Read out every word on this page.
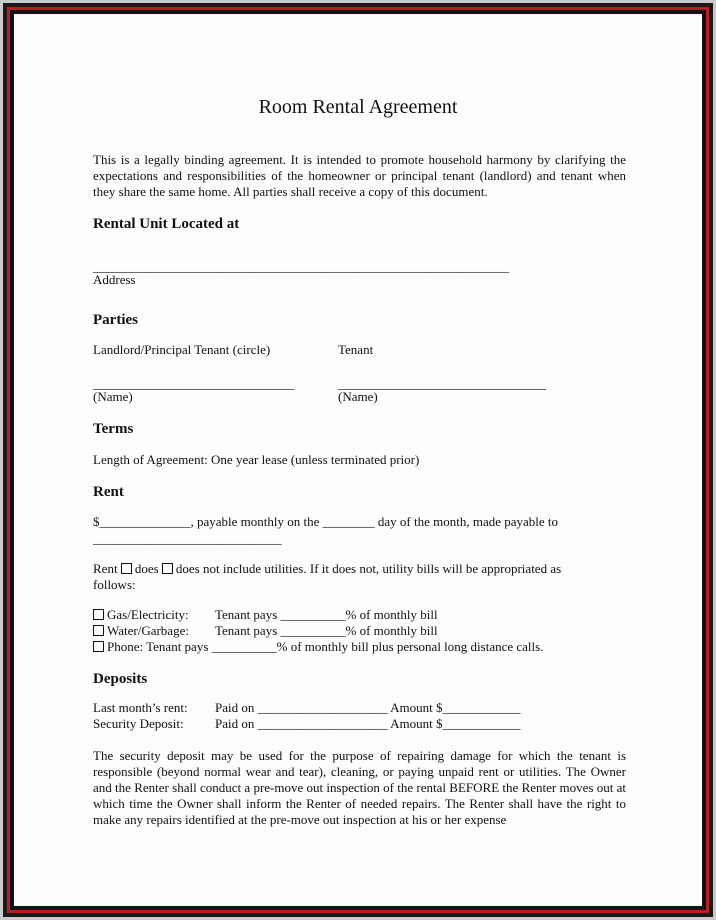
Room Rental Agreement
This is a legally binding agreement. It is intended to promote household harmony by clarifying the expectations and responsibilities of the homeowner or principal tenant (landlord) and tenant when they share the same home. All parties shall receive a copy of this document.
Rental Unit Located at
________________________________________________________________
Address
Parties
Landlord/Principal Tenant (circle)	Tenant
_______________________________	________________________________
(Name)	(Name)
Terms
Length of Agreement: One year lease (unless terminated prior)
Rent
$______________, payable monthly on the ________ day of the month, made payable to
_____________________________
Rent does does not include utilities. If it does not, utility bills will be appropriated as
follows:
Gas/Electricity: Tenant pays __________% of monthly bill
Water/Garbage: Tenant pays __________% of monthly bill
Phone: Tenant pays __________% of monthly bill plus personal long distance calls.
Deposits
Last month’s rent: Paid on ____________________ Amount $____________
Security Deposit: Paid on ____________________ Amount $____________
The security deposit may be used for the purpose of repairing damage for which the tenant is responsible (beyond normal wear and tear), cleaning, or paying unpaid rent or utilities. The Owner and the Renter shall conduct a pre-move out inspection of the rental BEFORE the Renter moves out at which time the Owner shall inform the Renter of needed repairs. The Renter shall have the right to make any repairs identified at the pre-move out inspection at his or her expense
